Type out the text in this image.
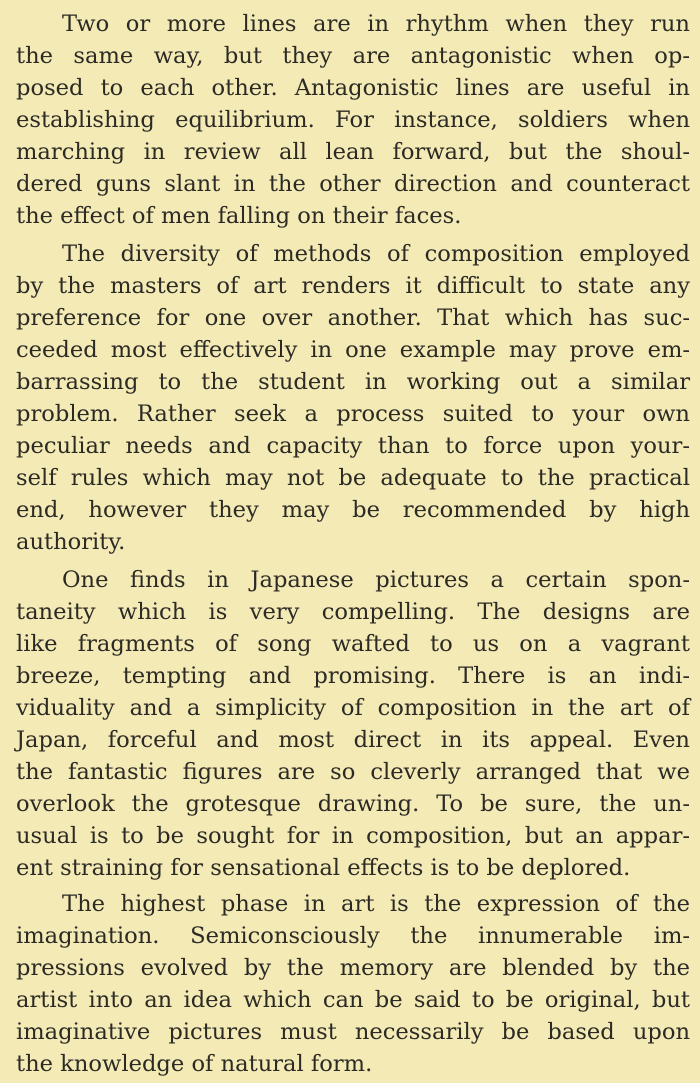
Two or more lines are in rhythm when they run
the same way, but they are antagonistic when op-
posed to each other. Antagonistic lines are useful in
establishing equilibrium. For instance, soldiers when
marching in review all lean forward, but the shoul-
dered guns slant in the other direction and counteract
the effect of men falling on their faces.
The diversity of methods of composition employed
by the masters of art renders it difficult to state any
preference for one over another. That which has suc-
ceeded most effectively in one example may prove em-
barrassing to the student in working out a similar
problem. Rather seek a process suited to your own
peculiar needs and capacity than to force upon your-
self rules which may not be adequate to the practical
end, however they may be recommended by high
authority.
One finds in Japanese pictures a certain spon-
taneity which is very compelling. The designs are
like fragments of song wafted to us on a vagrant
breeze, tempting and promising. There is an indi-
viduality and a simplicity of composition in the art of
Japan, forceful and most direct in its appeal. Even
the fantastic figures are so cleverly arranged that we
overlook the grotesque drawing. To be sure, the un-
usual is to be sought for in composition, but an appar-
ent straining for sensational effects is to be deplored.
The highest phase in art is the expression of the
imagination. Semiconsciously the innumerable im-
pressions evolved by the memory are blended by the
artist into an idea which can be said to be original, but
imaginative pictures must necessarily be based upon
the knowledge of natural form.
